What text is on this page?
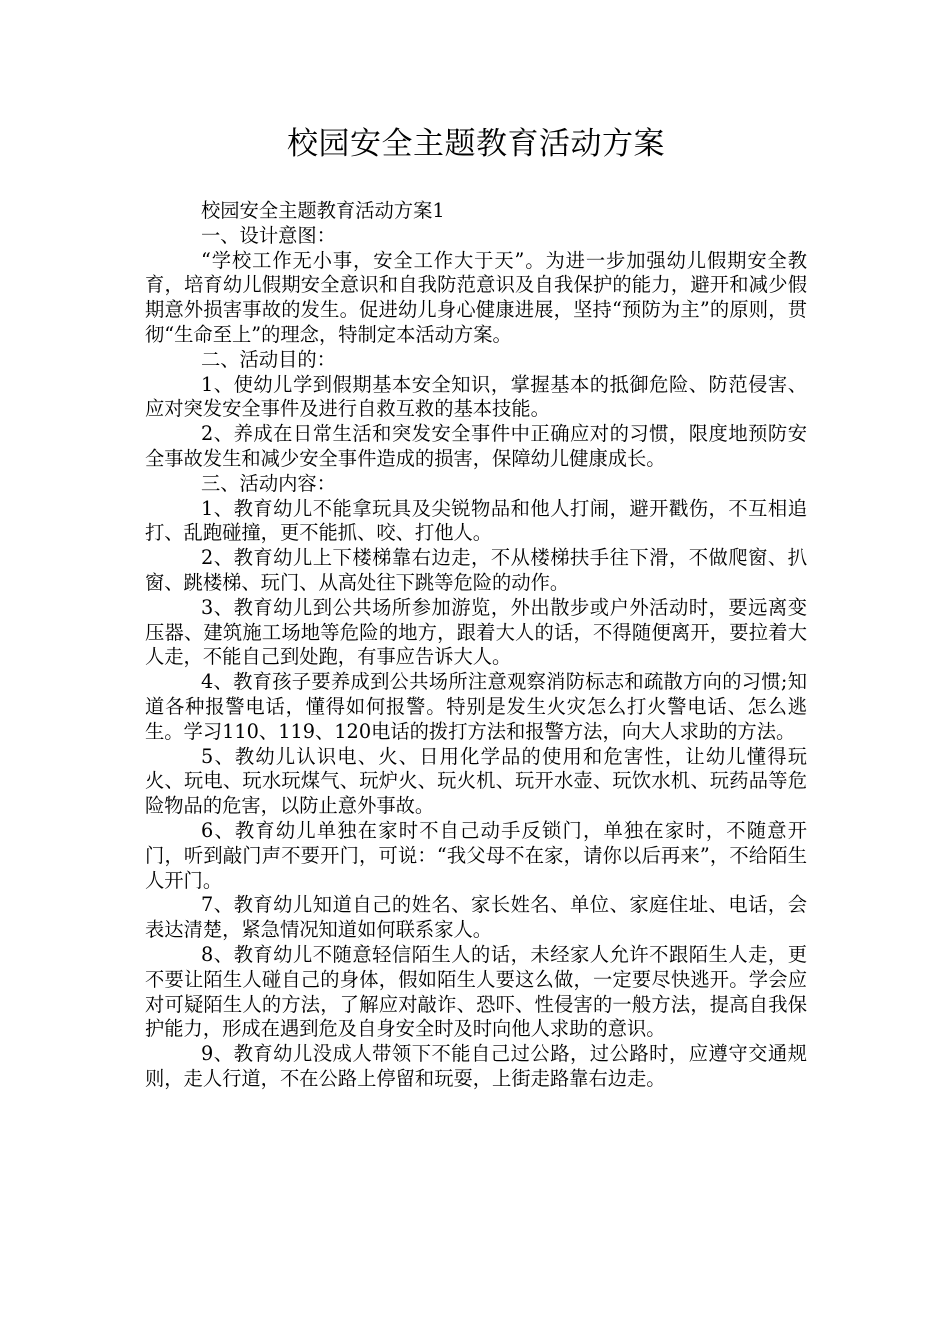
校园安全主题教育活动方案

校园安全主题教育活动方案1

一、设计意图：

“学校工作无小事，安全工作大于天”。为进一步加强幼儿假期安全教育，培育幼儿假期安全意识和自我防范意识及自我保护的能力，避开和减少假期意外损害事故的发生。促进幼儿身心健康进展，坚持“预防为主”的原则，贯彻“生命至上”的理念，特制定本活动方案。

二、活动目的：

1、使幼儿学到假期基本安全知识，掌握基本的抵御危险、防范侵害、应对突发安全事件及进行自救互救的基本技能。

2、养成在日常生活和突发安全事件中正确应对的习惯，限度地预防安全事故发生和减少安全事件造成的损害，保障幼儿健康成长。

三、活动内容：

1、教育幼儿不能拿玩具及尖锐物品和他人打闹，避开戳伤，不互相追打、乱跑碰撞，更不能抓、咬、打他人。

2、教育幼儿上下楼梯靠右边走，不从楼梯扶手往下滑，不做爬窗、扒窗、跳楼梯、玩门、从高处往下跳等危险的动作。

3、教育幼儿到公共场所参加游览，外出散步或户外活动时，要远离变压器、建筑施工场地等危险的地方，跟着大人的话，不得随便离开，要拉着大人走，不能自己到处跑，有事应告诉大人。

4、教育孩子要养成到公共场所注意观察消防标志和疏散方向的习惯;知道各种报警电话，懂得如何报警。特别是发生火灾怎么打火警电话、怎么逃生。学习110、119、120电话的拨打方法和报警方法，向大人求助的方法。

5、教幼儿认识电、火、日用化学品的使用和危害性，让幼儿懂得玩火、玩电、玩水玩煤气、玩炉火、玩火机、玩开水壶、玩饮水机、玩药品等危险物品的危害，以防止意外事故。

6、教育幼儿单独在家时不自己动手反锁门，单独在家时，不随意开门，听到敲门声不要开门，可说：“我父母不在家，请你以后再来”，不给陌生人开门。

7、教育幼儿知道自己的姓名、家长姓名、单位、家庭住址、电话，会表达清楚，紧急情况知道如何联系家人。

8、教育幼儿不随意轻信陌生人的话，未经家人允许不跟陌生人走，更不要让陌生人碰自己的身体，假如陌生人要这么做，一定要尽快逃开。学会应对可疑陌生人的方法，了解应对敲诈、恐吓、性侵害的一般方法，提高自我保护能力，形成在遇到危及自身安全时及时向他人求助的意识。

9、教育幼儿没成人带领下不能自己过公路，过公路时，应遵守交通规则，走人行道，不在公路上停留和玩耍，上街走路靠右边走。
